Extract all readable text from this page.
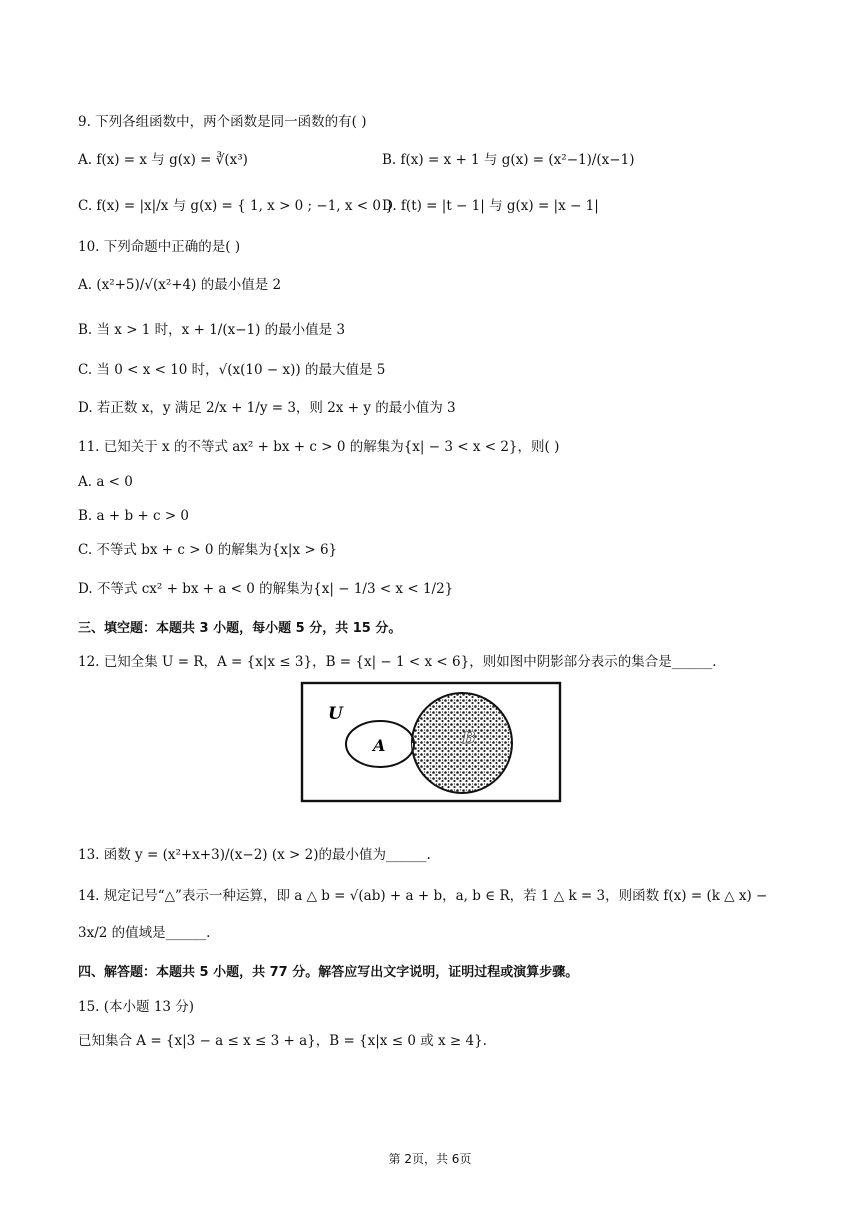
9. 下列各组函数中，两个函数是同一函数的有( )
A. f(x) = x 与 g(x) = ∛(x³)	B. f(x) = x + 1 与 g(x) = (x²−1)/(x−1)
C. f(x) = |x|/x 与 g(x) = { 1, x > 0 ; −1, x < 0 }
D. f(t) = |t − 1| 与 g(x) = |x − 1|
10. 下列命题中正确的是( )
A. (x²+5)/√(x²+4) 的最小值是 2
B. 当 x > 1 时，x + 1/(x−1) 的最小值是 3
C. 当 0 < x < 10 时，√(x(10 − x)) 的最大值是 5
D. 若正数 x，y 满足 2/x + 1/y = 3，则 2x + y 的最小值为 3
11. 已知关于 x 的不等式 ax² + bx + c > 0 的解集为{x| − 3 < x < 2}，则( )
A. a < 0
B. a + b + c > 0
C. 不等式 bx + c > 0 的解集为{x|x > 6}
D. 不等式 cx² + bx + a < 0 的解集为{x| − 1/3 < x < 1/2}
三、填空题：本题共 3 小题，每小题 5 分，共 15 分。
12. 已知全集 U = R，A = {x|x ≤ 3}，B = {x| − 1 < x < 6}，则如图中阴影部分表示的集合是______.
U
A	B
13. 函数 y = (x²+x+3)/(x−2) (x > 2)的最小值为______.
14. 规定记号“△”表示一种运算，即 a △ b = √(ab) + a + b，a, b ∈ R，若 1 △ k = 3，则函数 f(x) = (k △ x) −
3x/2 的值域是______.
四、解答题：本题共 5 小题，共 77 分。解答应写出文字说明，证明过程或演算步骤。
15. (本小题 13 分)
已知集合 A = {x|3 − a ≤ x ≤ 3 + a}，B = {x|x ≤ 0 或 x ≥ 4}.
第 2页，共 6页
